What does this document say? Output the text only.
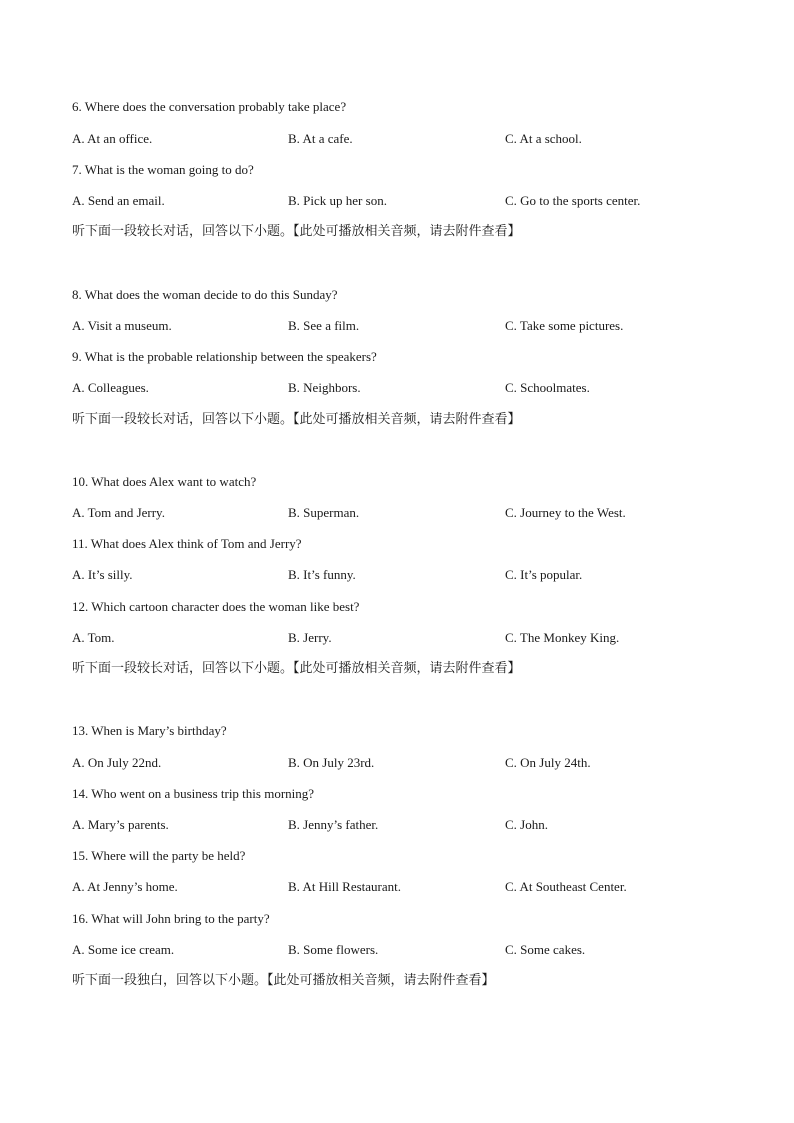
6. Where does the conversation probably take place?
A. At an office.	B. At a cafe.	C. At a school.
7. What is the woman going to do?
A. Send an email.	B. Pick up her son.	C. Go to the sports center.
听下面一段较长对话，回答以下小题。【此处可播放相关音频，请去附件查看】
8. What does the woman decide to do this Sunday?
A. Visit a museum.	B. See a film.	C. Take some pictures.
9. What is the probable relationship between the speakers?
A. Colleagues.	B. Neighbors.	C. Schoolmates.
听下面一段较长对话，回答以下小题。【此处可播放相关音频，请去附件查看】
10. What does Alex want to watch?
A. Tom and Jerry.	B. Superman.	C. Journey to the West.
11. What does Alex think of Tom and Jerry?
A. It’s silly.	B. It’s funny.	C. It’s popular.
12. Which cartoon character does the woman like best?
A. Tom.	B. Jerry.	C. The Monkey King.
听下面一段较长对话，回答以下小题。【此处可播放相关音频，请去附件查看】
13. When is Mary’s birthday?
A. On July 22nd.	B. On July 23rd.	C. On July 24th.
14. Who went on a business trip this morning?
A. Mary’s parents.	B. Jenny’s father.	C. John.
15. Where will the party be held?
A. At Jenny’s home.	B. At Hill Restaurant.	C. At Southeast Center.
16. What will John bring to the party?
A. Some ice cream.	B. Some flowers.	C. Some cakes.
听下面一段独白，回答以下小题。【此处可播放相关音频，请去附件查看】
